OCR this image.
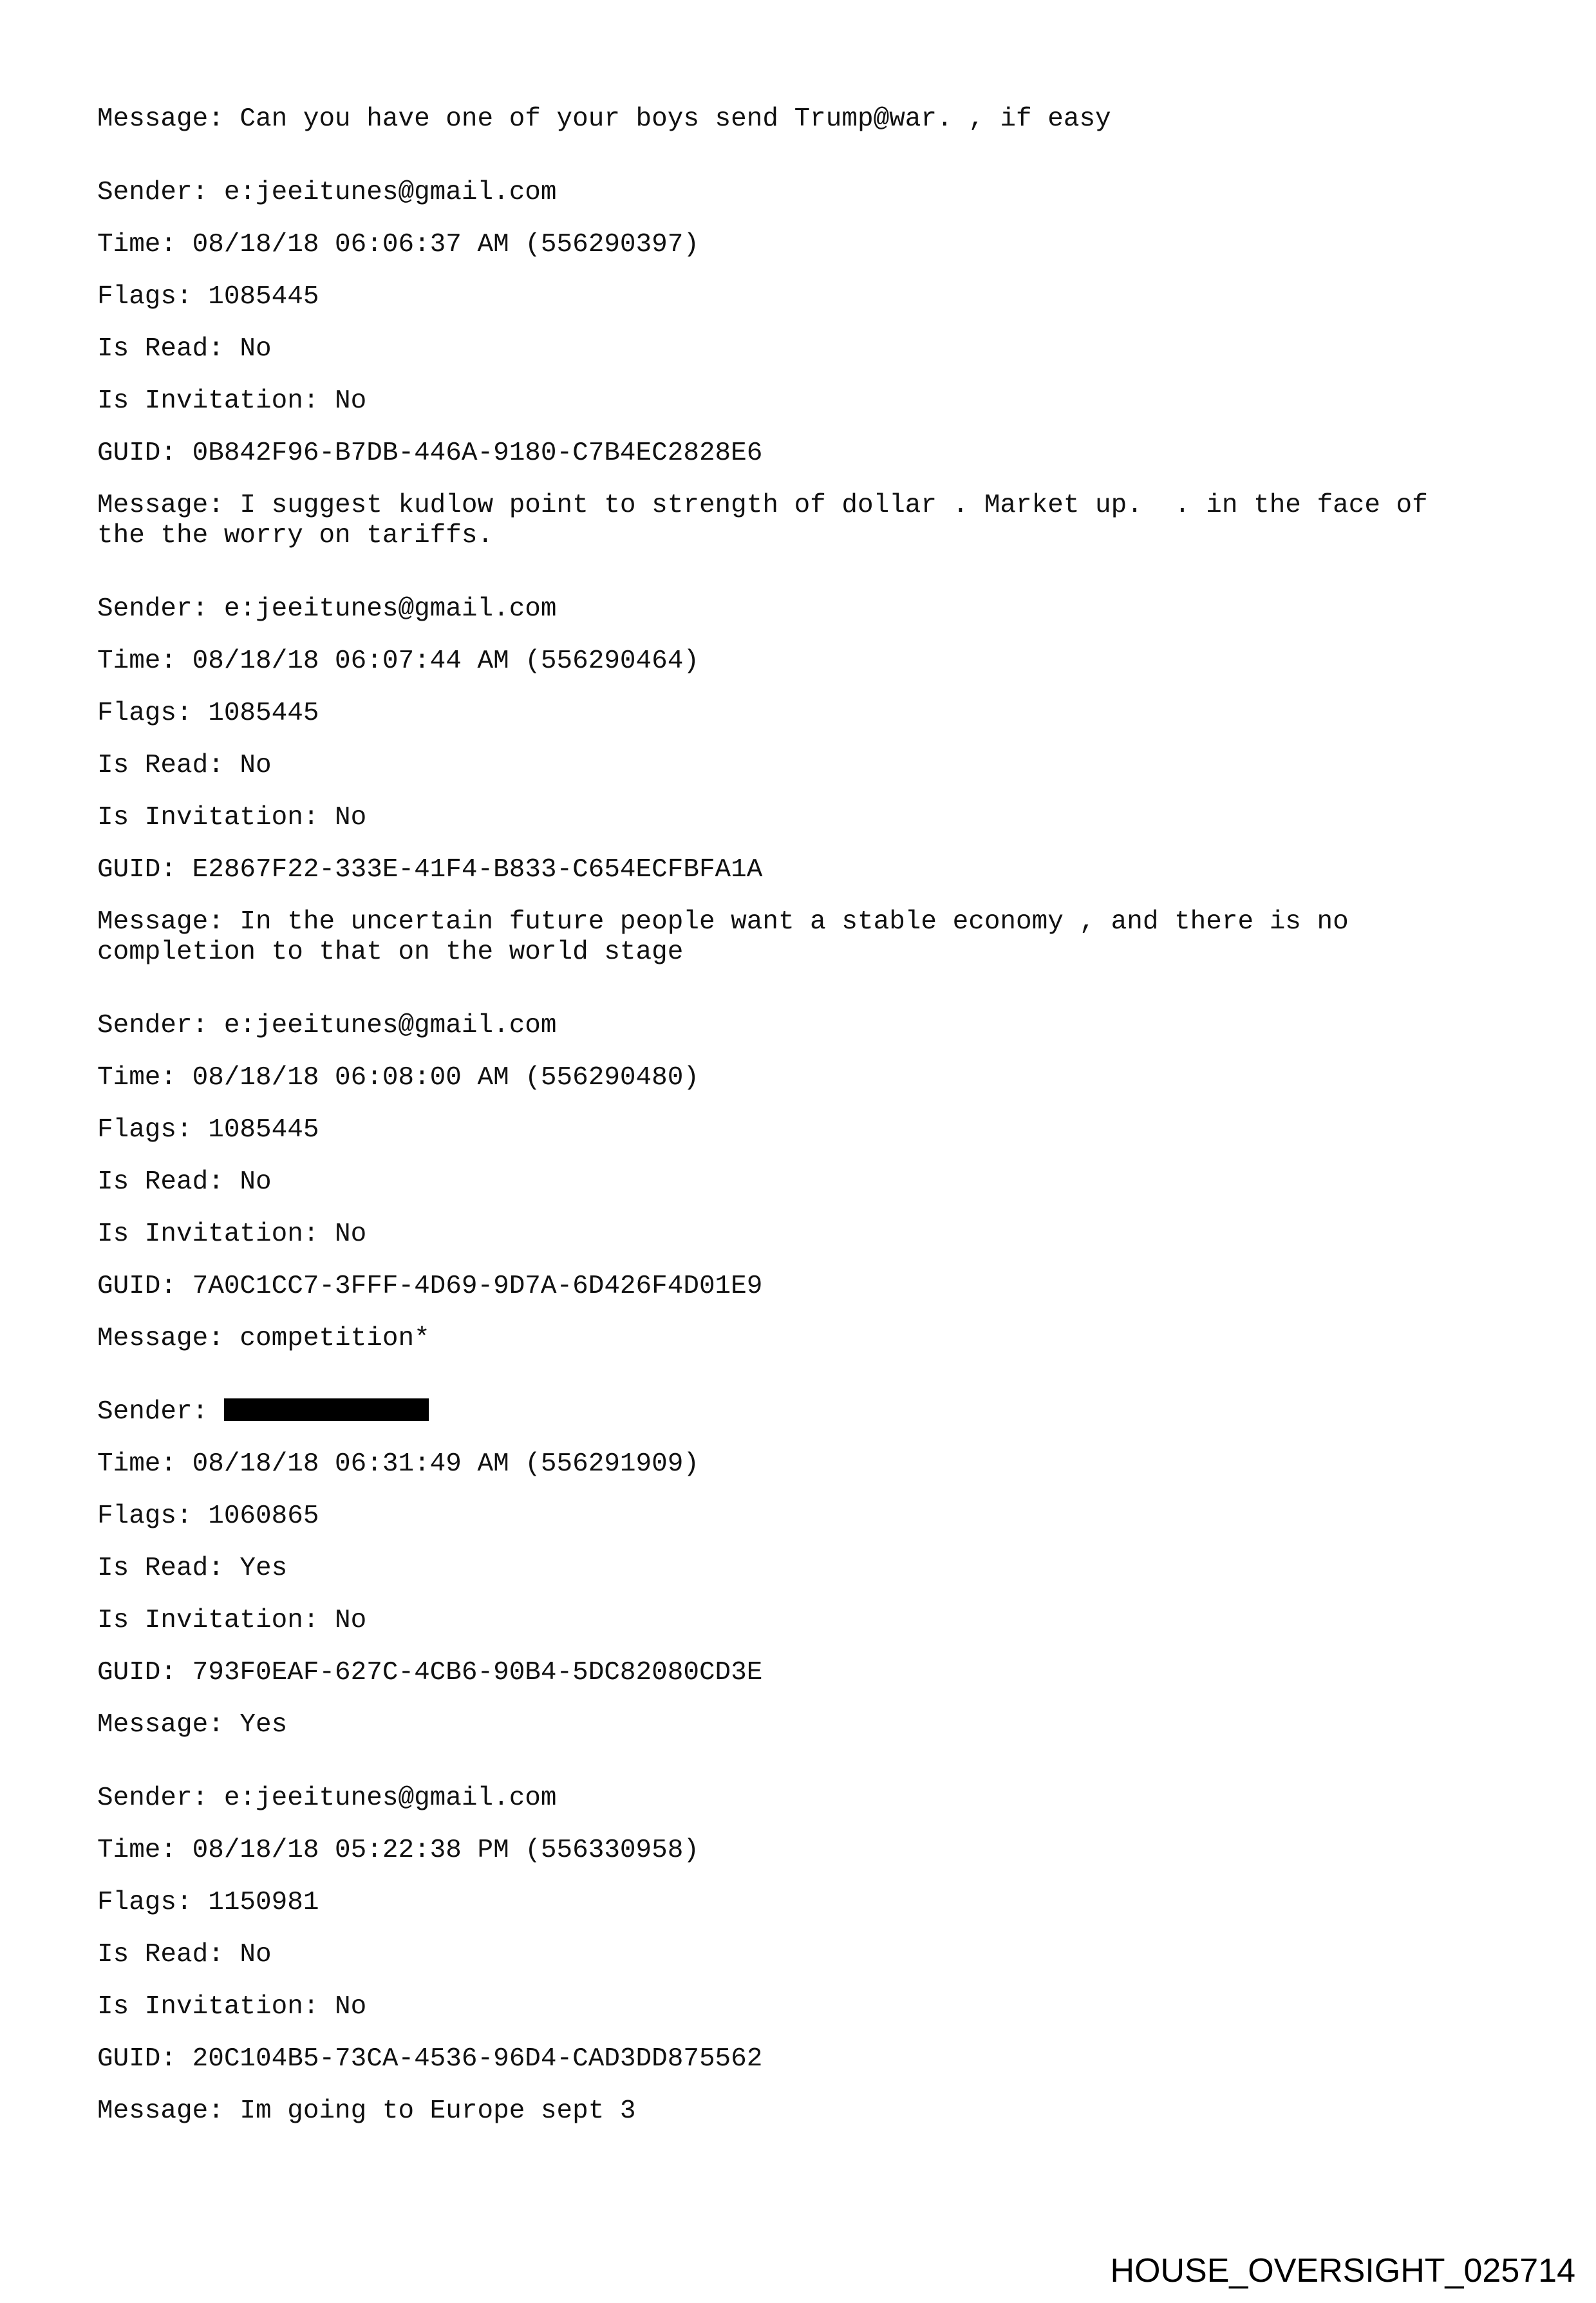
Message: Can you have one of your boys send Trump@war. , if easy
Sender: e:jeeitunes@gmail.com
Time: 08/18/18 06:06:37 AM (556290397)
Flags: 1085445
Is Read: No
Is Invitation: No
GUID: 0B842F96-B7DB-446A-9180-C7B4EC2828E6
Message: I suggest kudlow point to strength of dollar . Market up.  . in the face of
the the worry on tariffs.
Sender: e:jeeitunes@gmail.com
Time: 08/18/18 06:07:44 AM (556290464)
Flags: 1085445
Is Read: No
Is Invitation: No
GUID: E2867F22-333E-41F4-B833-C654ECFBFA1A
Message: In the uncertain future people want a stable economy , and there is no
completion to that on the world stage
Sender: e:jeeitunes@gmail.com
Time: 08/18/18 06:08:00 AM (556290480)
Flags: 1085445
Is Read: No
Is Invitation: No
GUID: 7A0C1CC7-3FFF-4D69-9D7A-6D426F4D01E9
Message: competition*
Sender:
Time: 08/18/18 06:31:49 AM (556291909)
Flags: 1060865
Is Read: Yes
Is Invitation: No
GUID: 793F0EAF-627C-4CB6-90B4-5DC82080CD3E
Message: Yes
Sender: e:jeeitunes@gmail.com
Time: 08/18/18 05:22:38 PM (556330958)
Flags: 1150981
Is Read: No
Is Invitation: No
GUID: 20C104B5-73CA-4536-96D4-CAD3DD875562
Message: Im going to Europe sept 3
HOUSE_OVERSIGHT_025714
